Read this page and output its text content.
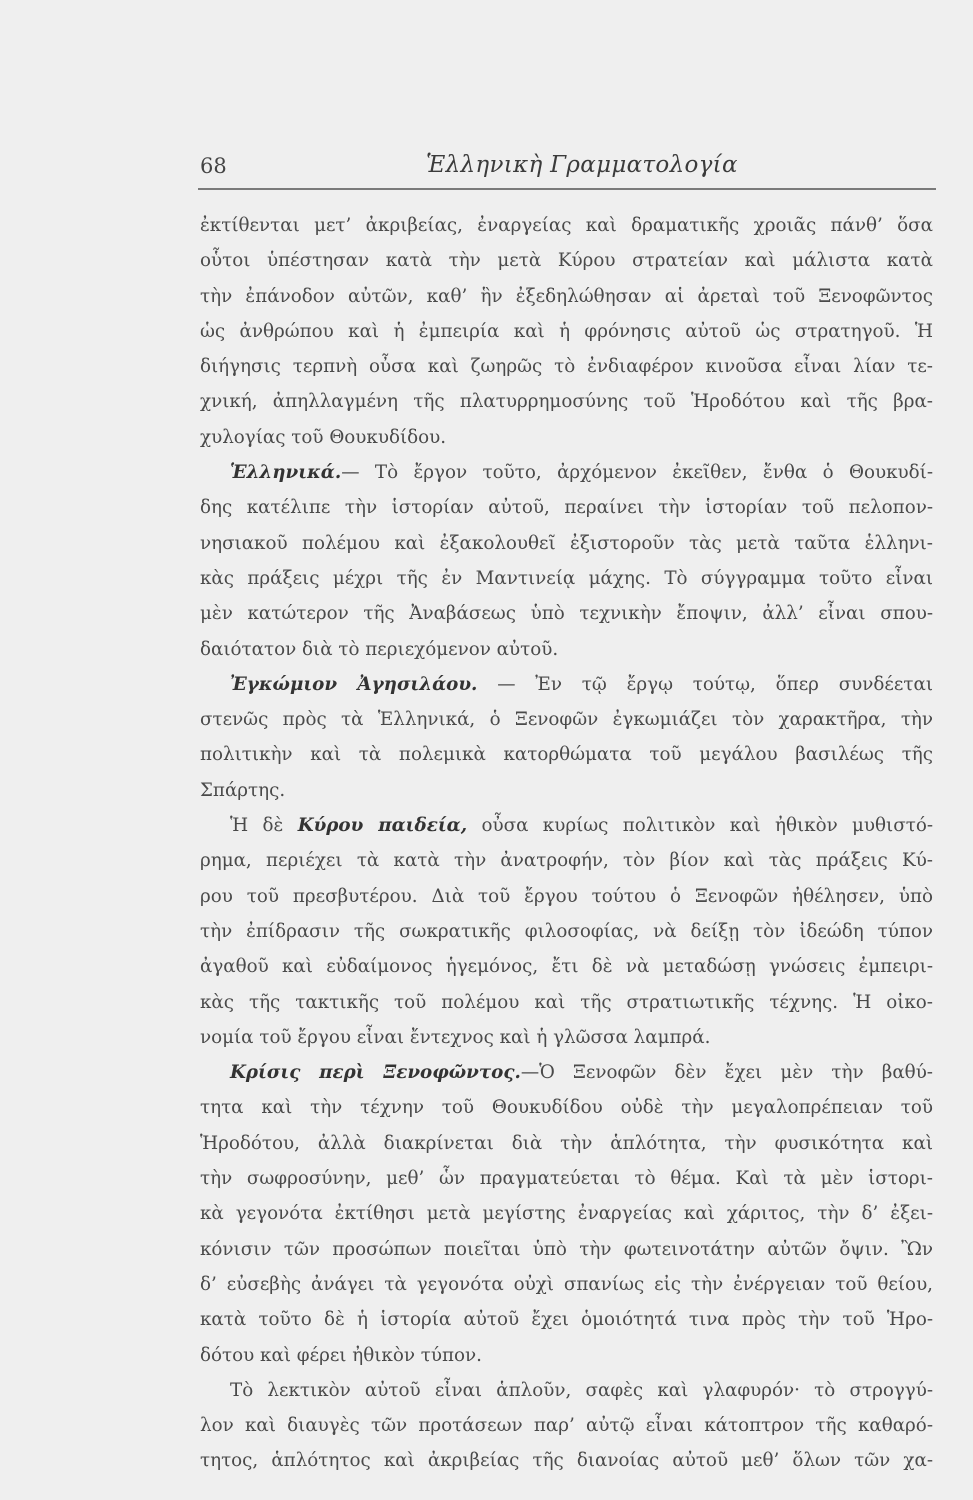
68	Ἑλληνικὴ Γραμματολογία
ἐκτίθενται μετ’ ἀκριβείας, ἐναργείας καὶ δραματικῆς χροιᾶς πάνθ’ ὅσα
οὗτοι ὑπέστησαν κατὰ τὴν μετὰ Κύρου στρατείαν καὶ μάλιστα κατὰ
τὴν ἐπάνοδον αὐτῶν, καθ’ ἣν ἐξεδηλώθησαν αἱ ἀρεταὶ τοῦ Ξενοφῶντος
ὡς ἀνθρώπου καὶ ἡ ἐμπειρία καὶ ἡ φρόνησις αὐτοῦ ὡς στρατηγοῦ. Ἡ
διήγησις τερπνὴ οὖσα καὶ ζωηρῶς τὸ ἐνδιαφέρον κινοῦσα εἶναι λίαν τε-
χνική, ἀπηλλαγμένη τῆς πλατυρρημοσύνης τοῦ Ἡροδότου καὶ τῆς βρα-
χυλογίας τοῦ Θουκυδίδου.
Ἑλληνικά.— Τὸ ἔργον τοῦτο, ἀρχόμενον ἐκεῖθεν, ἔνθα ὁ Θουκυδί-
δης κατέλιπε τὴν ἱστορίαν αὐτοῦ, περαίνει τὴν ἱστορίαν τοῦ πελοπον-
νησιακοῦ πολέμου καὶ ἐξακολουθεῖ ἐξιστοροῦν τὰς μετὰ ταῦτα ἑλληνι-
κὰς πράξεις μέχρι τῆς ἐν Μαντινείᾳ μάχης. Τὸ σύγγραμμα τοῦτο εἶναι
μὲν κατώτερον τῆς Ἀναβάσεως ὑπὸ τεχνικὴν ἔποψιν, ἀλλ’ εἶναι σπου-
δαιότατον διὰ τὸ περιεχόμενον αὐτοῦ.
Ἐγκώμιον Ἀγησιλάου. — Ἐν τῷ ἔργῳ τούτῳ, ὅπερ συνδέεται
στενῶς πρὸς τὰ Ἑλληνικά, ὁ Ξενοφῶν ἐγκωμιάζει τὸν χαρακτῆρα, τὴν
πολιτικὴν καὶ τὰ πολεμικὰ κατορθώματα τοῦ μεγάλου βασιλέως τῆς
Σπάρτης.
Ἡ δὲ Κύρου παιδεία, οὖσα κυρίως πολιτικὸν καὶ ἠθικὸν μυθιστό-
ρημα, περιέχει τὰ κατὰ τὴν ἀνατροφήν, τὸν βίον καὶ τὰς πράξεις Κύ-
ρου τοῦ πρεσβυτέρου. Διὰ τοῦ ἔργου τούτου ὁ Ξενοφῶν ἠθέλησεν, ὑπὸ
τὴν ἐπίδρασιν τῆς σωκρατικῆς φιλοσοφίας, νὰ δείξῃ τὸν ἰδεώδη τύπον
ἀγαθοῦ καὶ εὐδαίμονος ἡγεμόνος, ἔτι δὲ νὰ μεταδώσῃ γνώσεις ἐμπειρι-
κὰς τῆς τακτικῆς τοῦ πολέμου καὶ τῆς στρατιωτικῆς τέχνης. Ἡ οἰκο-
νομία τοῦ ἔργου εἶναι ἔντεχνος καὶ ἡ γλῶσσα λαμπρά.
Κρίσις περὶ Ξενοφῶντος.—Ὁ Ξενοφῶν δὲν ἔχει μὲν τὴν βαθύ-
τητα καὶ τὴν τέχνην τοῦ Θουκυδίδου οὐδὲ τὴν μεγαλοπρέπειαν τοῦ
Ἡροδότου, ἀλλὰ διακρίνεται διὰ τὴν ἁπλότητα, τὴν φυσικότητα καὶ
τὴν σωφροσύνην, μεθ’ ὧν πραγματεύεται τὸ θέμα. Καὶ τὰ μὲν ἱστορι-
κὰ γεγονότα ἐκτίθησι μετὰ μεγίστης ἐναργείας καὶ χάριτος, τὴν δ’ ἐξει-
κόνισιν τῶν προσώπων ποιεῖται ὑπὸ τὴν φωτεινοτάτην αὐτῶν ὄψιν. Ὢν
δ’ εὐσεβὴς ἀνάγει τὰ γεγονότα οὐχὶ σπανίως εἰς τὴν ἐνέργειαν τοῦ θείου,
κατὰ τοῦτο δὲ ἡ ἱστορία αὐτοῦ ἔχει ὁμοιότητά τινα πρὸς τὴν τοῦ Ἡρο-
δότου καὶ φέρει ἠθικὸν τύπον.
Τὸ λεκτικὸν αὐτοῦ εἶναι ἁπλοῦν, σαφὲς καὶ γλαφυρόν· τὸ στρογγύ-
λον καὶ διαυγὲς τῶν προτάσεων παρ’ αὐτῷ εἶναι κάτοπτρον τῆς καθαρό-
τητος, ἁπλότητος καὶ ἀκριβείας τῆς διανοίας αὐτοῦ μεθ’ ὅλων τῶν χα-
